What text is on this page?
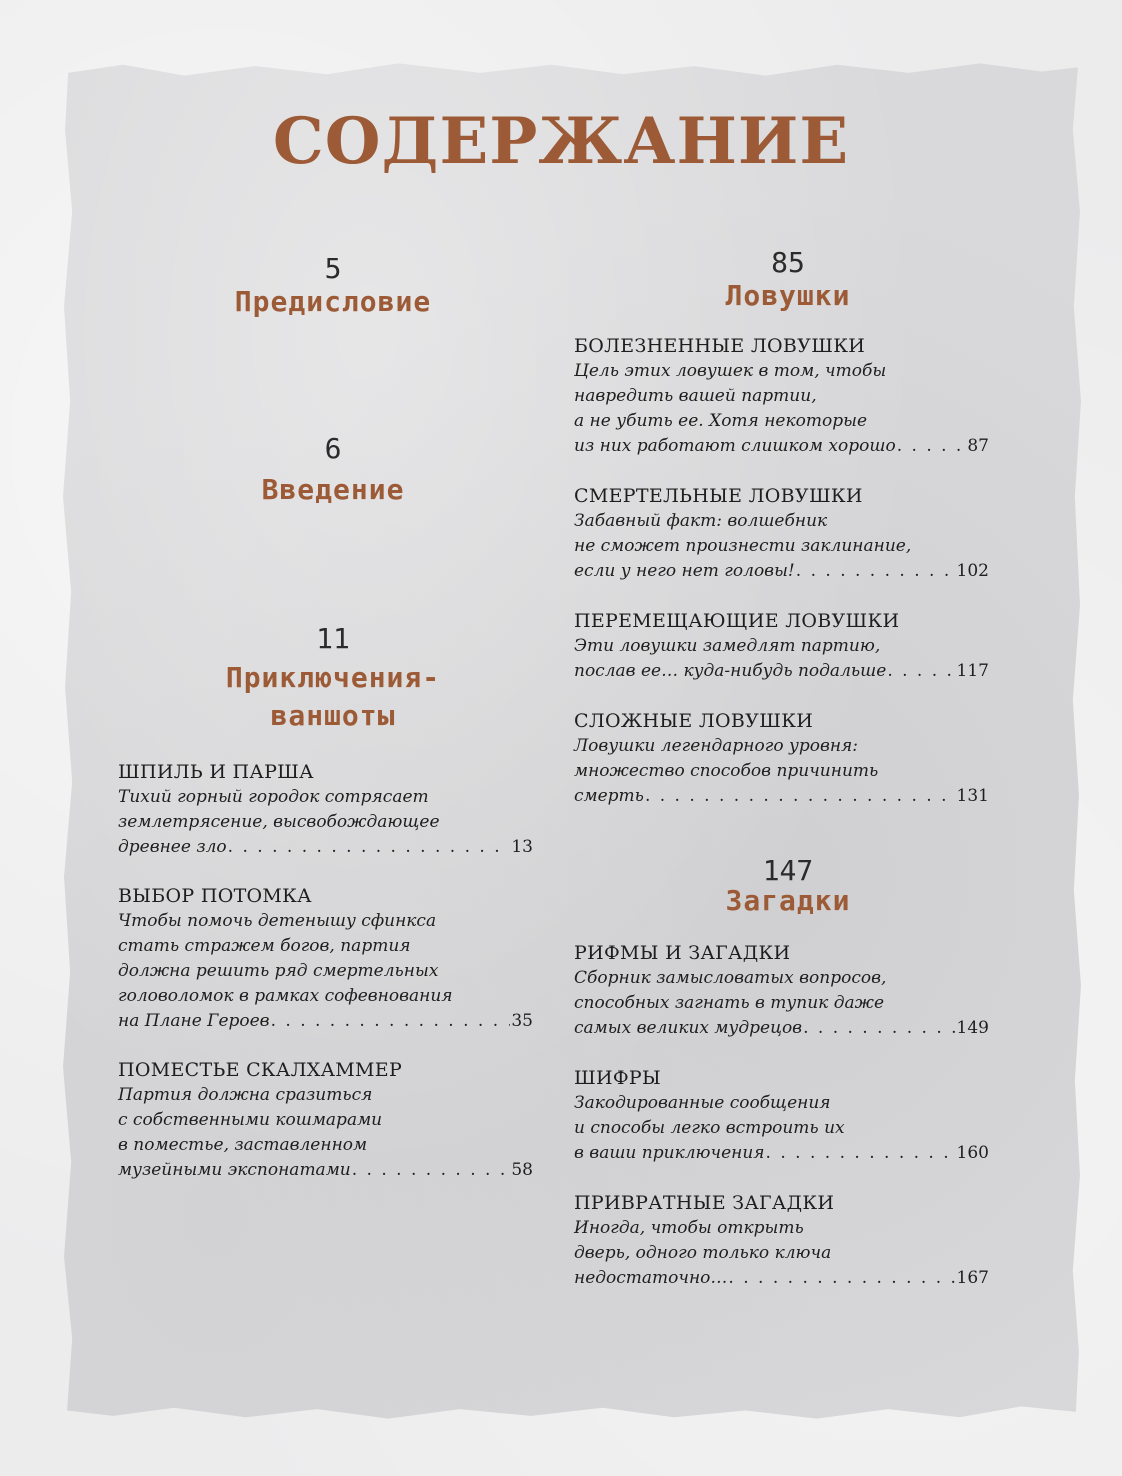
СОДЕРЖАНИЕ
5
Предисловие
6
Введение
11
Приключения-
ваншоты
85
Ловушки
147
Загадки
ШПИЛЬ И ПАРША
Тихий горный городок сотрясает
землетрясение, высвобождающее
древнее зло . . .	13
ВЫБОР ПОТОМКА
Чтобы помочь детенышу сфинкса
стать стражем богов, партия
должна решить ряд смертельных
головоломок в рамках софевнования
на Плане Героев . . .	35
ПОМЕСТЬЕ СКАЛХАММЕР
Партия должна сразиться
с собственными кошмарами
в поместье, заставленном
музейными экспонатами . . .	58
БОЛЕЗНЕННЫЕ ЛОВУШКИ
Цель этих ловушек в том, чтобы
навредить вашей партии,
а не убить ее. Хотя некоторые
из них работают слишком хорошо . . .	87
СМЕРТЕЛЬНЫЕ ЛОВУШКИ
Забавный факт: волшебник
не сможет произнести заклинание,
если у него нет головы! . . .	102
ПЕРЕМЕЩАЮЩИЕ ЛОВУШКИ
Эти ловушки замедлят партию,
послав ее… куда-нибудь подальше . . .	117
СЛОЖНЫЕ ЛОВУШКИ
Ловушки легендарного уровня:
множество способов причинить
смерть . . .	131
РИФМЫ И ЗАГАДКИ
Сборник замысловатых вопросов,
способных загнать в тупик даже
самых великих мудрецов . . .	149
ШИФРЫ
Закодированные сообщения
и способы легко встроить их
в ваши приключения . . .	160
ПРИВРАТНЫЕ ЗАГАДКИ
Иногда, чтобы открыть
дверь, одного только ключа
недостаточно… . . .	167
